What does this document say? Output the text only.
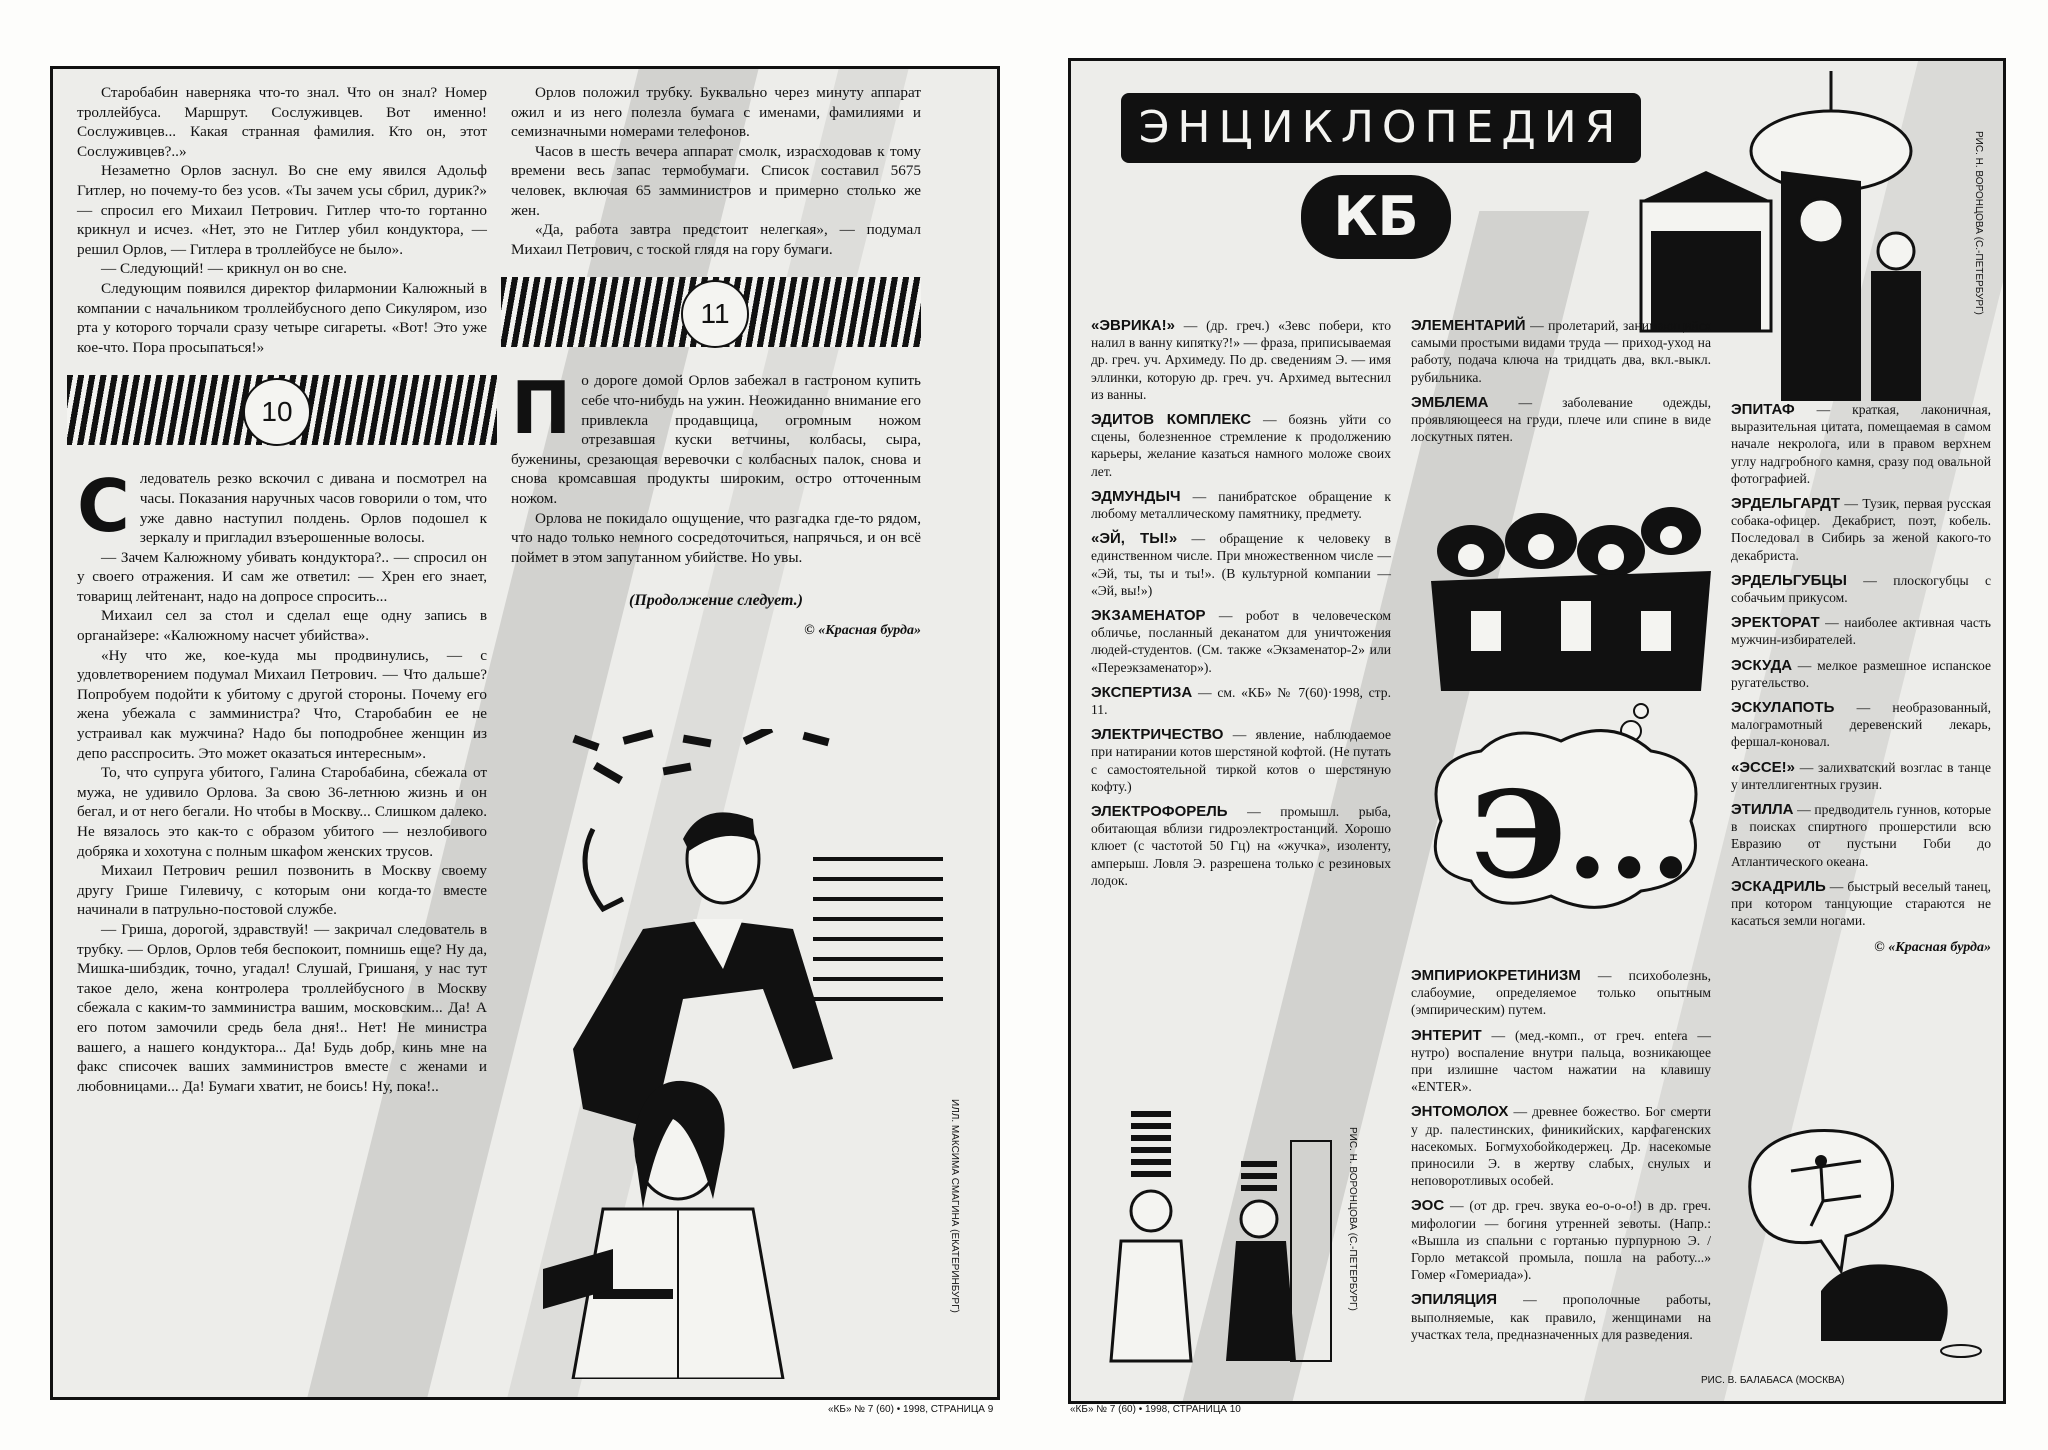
Старобабин наверняка что-то знал. Что он знал? Номер троллейбуса. Маршрут. Сослуживцев. Вот именно! Сослуживцев... Какая странная фамилия. Кто он, этот Сослуживцев?..»

Незаметно Орлов заснул. Во сне ему явился Адольф Гитлер, но почему-то без усов. «Ты зачем усы сбрил, дурик?» — спросил его Михаил Петрович. Гитлер что-то гортанно крикнул и исчез. «Нет, это не Гитлер убил кондуктора, — решил Орлов, — Гитлера в троллейбусе не было».

— Следующий! — крикнул он во сне.

Следующим появился директор филармонии Калюжный в компании с начальником троллейбусного депо Сикуляром, изо рта у которого торчали сразу четыре сигареты. «Вот! Это уже кое-что. Пора просыпаться!»

10
С ледователь резко вскочил с дивана и посмотрел на часы. Показания наручных часов говорили о том, что уже давно наступил полдень. Орлов подошел к зеркалу и пригладил взъерошенные волосы.

— Зачем Калюжному убивать кондуктора?.. — спросил он у своего отражения. И сам же ответил: — Хрен его знает, товарищ лейтенант, надо на допросе спросить...

Михаил сел за стол и сделал еще одну запись в органайзере: «Калюжному насчет убийства».

«Ну что же, кое-куда мы продвинулись, — с удовлетворением подумал Михаил Петрович. — Что дальше? Попробуем подойти к убитому с другой стороны. Почему его жена убежала с замминистра? Что, Старобабин ее не устраивал как мужчина? Надо бы поподробнее женщин из депо расспросить. Это может оказаться интересным».

То, что супруга убитого, Галина Старобабина, сбежала от мужа, не удивило Орлова. За свою 36-летнюю жизнь и он бегал, и от него бегали. Но чтобы в Москву... Слишком далеко. Не вязалось это как-то с образом убитого — незлобивого добряка и хохотуна с полным шкафом женских трусов.

Михаил Петрович решил позвонить в Москву своему другу Грише Гилевичу, с которым они когда-то вместе начинали в патрульно-постовой службе.

— Гриша, дорогой, здравствуй! — закричал следователь в трубку. — Орлов, Орлов тебя беспокоит, помнишь еще? Ну да, Мишка-шибздик, точно, угадал! Слушай, Гришаня, у нас тут такое дело, жена контролера троллейбусного в Москву сбежала с каким-то замминистра вашим, московским... Да! А его потом замочили средь бела дня!.. Нет! Не министра вашего, а нашего кондуктора... Да! Будь добр, кинь мне на факс списочек ваших замминистров вместе с женами и любовницами... Да! Бумаги хватит, не боись! Ну, пока!..

Орлов положил трубку. Буквально через минуту аппарат ожил и из него полезла бумага с именами, фамилиями и семизначными номерами телефонов.

Часов в шесть вечера аппарат смолк, израсходовав к тому времени весь запас термобумаги. Список составил 5675 человек, включая 65 замминистров и примерно столько же жен.

«Да, работа завтра предстоит нелегкая», — подумал Михаил Петрович, с тоской глядя на гору бумаги.

11
П о дороге домой Орлов забежал в гастроном купить себе что-нибудь на ужин. Неожиданно внимание его привлекла продавщица, огромным ножом отрезавшая куски ветчины, колбасы, сыра, буженины, срезающая веревочки с колбасных палок, снова и снова кромсавшая продукты широким, остро отточенным ножом.

Орлова не покидало ощущение, что разгадка где-то рядом, что надо только немного сосредоточиться, напрячься, и он всё поймет в этом запутанном убийстве. Но увы.

(Продолжение следует.)

© «Красная бурда»

ИЛЛ. МАКСИМА СМАГИНА (ЕКАТЕРИНБУРГ)
«КБ» № 7 (60) • 1998, СТРАНИЦА 9
ЭНЦИКЛОПЕДИЯ
КБ	РИС. Н. ВОРОНЦОВА (С.-ПЕТЕРБУРГ)

«ЭВРИКА!» — (др. греч.) «Зевс побери, кто налил в ванну кипятку?!» — фраза, приписываемая др. греч. уч. Архимеду. По др. сведениям Э. — имя эллинки, которую др. греч. уч. Архимед вытеснил из ванны.

ЭДИТОВ КОМПЛЕКС — боязнь уйти со сцены, болезненное стремление к продолжению карьеры, желание казаться намного моложе своих лет.

ЭДМУНДЫЧ — панибратское обращение к любому металлическому памятнику, предмету.

«ЭЙ, ТЫ!» — обращение к человеку в единственном числе. При множественном числе — «Эй, ты, ты и ты!». (В культурной компании — «Эй, вы!»)

ЭКЗАМЕНАТОР — робот в человеческом обличье, посланный деканатом для уничтожения людей-студентов. (См. также «Экзаменатор-2» или «Переэкзаменатор»).

ЭКСПЕРТИЗА — см. «КБ» № 7(60)·1998, стр. 11.

ЭЛЕКТРИЧЕСТВО — явление, наблюдаемое при натирании котов шерстяной кофтой. (Не путать с самостоятельной тиркой котов о шерстяную кофту.)

ЭЛЕКТРОФОРЕЛЬ — промышл. рыба, обитающая вблизи гидроэлектростанций. Хорошо клюет (с частотой 50 Гц) на «жучка», изоленту, амперыш. Ловля Э. разрешена только с резиновых лодок.

РИС. Н. ВОРОНЦОВА (С.-ПЕТЕРБУРГ)

ЭЛЕМЕНТАРИЙ — пролетарий, занимающийся самыми простыми видами труда — приход-уход на работу, подача ключа на тридцать два, вкл.-выкл. рубильника.

ЭМБЛЕМА — заболевание одежды, проявляющееся на груди, плече или спине в виде лоскутных пятен.

Э...

ЭМПИРИОКРЕТИНИЗМ — психоболезнь, слабоумие, определяемое только опытным (эмпирическим) путем.

ЭНТЕРИТ — (мед.-комп., от греч. entera — нутро) воспаление внутри пальца, возникающее при излишне частом нажатии на клавишу «ENTER».

ЭНТОМОЛОХ — древнее божество. Бог смерти у др. палестинских, финикийских, карфагенских насекомых. Богмухобойкодержец. Др. насекомые приносили Э. в жертву слабых, снулых и неповоротливых особей.

ЭОС — (от др. греч. звука ео-о-о-о!) в др. греч. мифологии — богиня утренней зевоты. (Напр.: «Вышла из спальни с гортанью пурпурною Э. / Горло метаксой промыла, пошла на работу...» Гомер «Гомериада»).

ЭПИЛЯЦИЯ — прополочные работы, выполняемые, как правило, женщинами на участках тела, предназначенных для разведения.

ЭПИТАФ — краткая, лаконичная, выразительная цитата, помещаемая в самом начале некролога, или в правом верхнем углу надгробного камня, сразу под овальной фотографией.

ЭРДЕЛЬГАРДТ — Тузик, первая русская собака-офицер. Декабрист, поэт, кобель. Последовал в Сибирь за женой какого-то декабриста.

ЭРДЕЛЬГУБЦЫ — плоскогубцы с собачьим прикусом.

ЭРЕКТОРАТ — наиболее активная часть мужчин-избирателей.

ЭСКУДА — мелкое размешное испанское ругательство.

ЭСКУЛАПОТЬ — необразованный, малограмотный деревенский лекарь, фершал-коновал.

«ЭССЕ!» — залихватский возглас в танце у интеллигентных грузин.

ЭТИЛЛА — предводитель гуннов, которые в поисках спиртного прошерстили всю Евразию от пустыни Гоби до Атлантического океана.

ЭСКАДРИЛЬ — быстрый веселый танец, при котором танцующие стараются не касаться земли ногами.

© «Красная бурда»

РИС. В. БАЛАБАСА (МОСКВА)
«КБ» № 7 (60) • 1998, СТРАНИЦА 10
